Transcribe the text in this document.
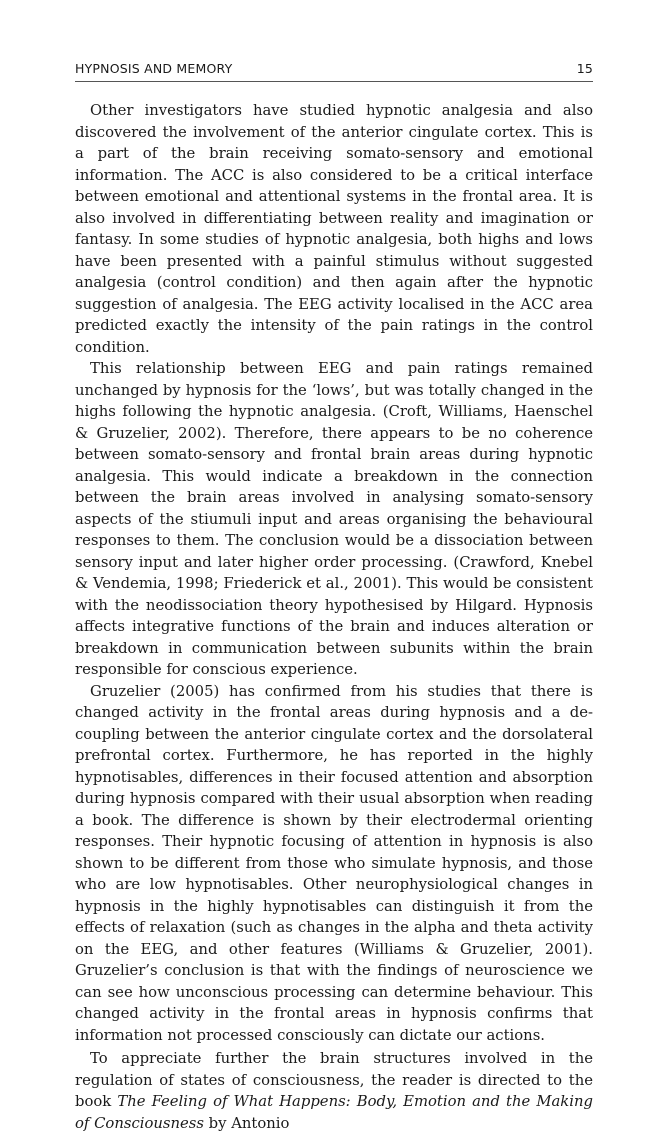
HYPNOSIS AND MEMORY	15

Other investigators have studied hypnotic analgesia and also discovered the involvement of the anterior cingulate cortex. This is a part of the brain receiving somato-sensory and emotional information. The ACC is also considered to be a critical interface between emotional and attentional systems in the frontal area. It is also involved in differentiating between reality and imagination or fantasy. In some studies of hypnotic analgesia, both highs and lows have been presented with a painful stimulus without suggested analgesia (control condition) and then again after the hypnotic suggestion of analgesia. The EEG activity localised in the ACC area predicted exactly the intensity of the pain ratings in the control condition.

This relationship between EEG and pain ratings remained unchanged by hypnosis for the ‘lows’, but was totally changed in the highs following the hypnotic analgesia. (Croft, Williams, Haenschel & Gruzelier, 2002). Therefore, there appears to be no coherence between somato-sensory and frontal brain areas during hypnotic analgesia. This would indicate a breakdown in the connection between the brain areas involved in analysing somato-sensory aspects of the stiumuli input and areas organising the behavioural responses to them. The conclusion would be a dissociation between sensory input and later higher order processing. (Crawford, Knebel & Vendemia, 1998; Friederick et al., 2001). This would be consistent with the neodissociation theory hypothesised by Hilgard. Hypnosis affects integrative functions of the brain and induces alteration or breakdown in communication between subunits within the brain responsible for conscious experience.

Gruzelier (2005) has confirmed from his studies that there is changed activity in the frontal areas during hypnosis and a de-coupling between the anterior cingulate cortex and the dorsolateral prefrontal cortex. Furthermore, he has reported in the highly hypnotisables, differences in their focused attention and absorption during hypnosis compared with their usual absorption when reading a book. The difference is shown by their electrodermal orienting responses. Their hypnotic focusing of attention in hypnosis is also shown to be different from those who simulate hypnosis, and those who are low hypnotisables. Other neurophysiological changes in hypnosis in the highly hypnotisables can distinguish it from the effects of relaxation (such as changes in the alpha and theta activity on the EEG, and other features (Williams & Gruzelier, 2001). Gruzelier’s conclusion is that with the findings of neuroscience we can see how unconscious processing can determine behaviour. This changed activity in the frontal areas in hypnosis confirms that information not processed consciously can dictate our actions.

To appreciate further the brain structures involved in the regulation of states of consciousness, the reader is directed to the book The Feeling of What Happens: Body, Emotion and the Making of Consciousness by Antonio
